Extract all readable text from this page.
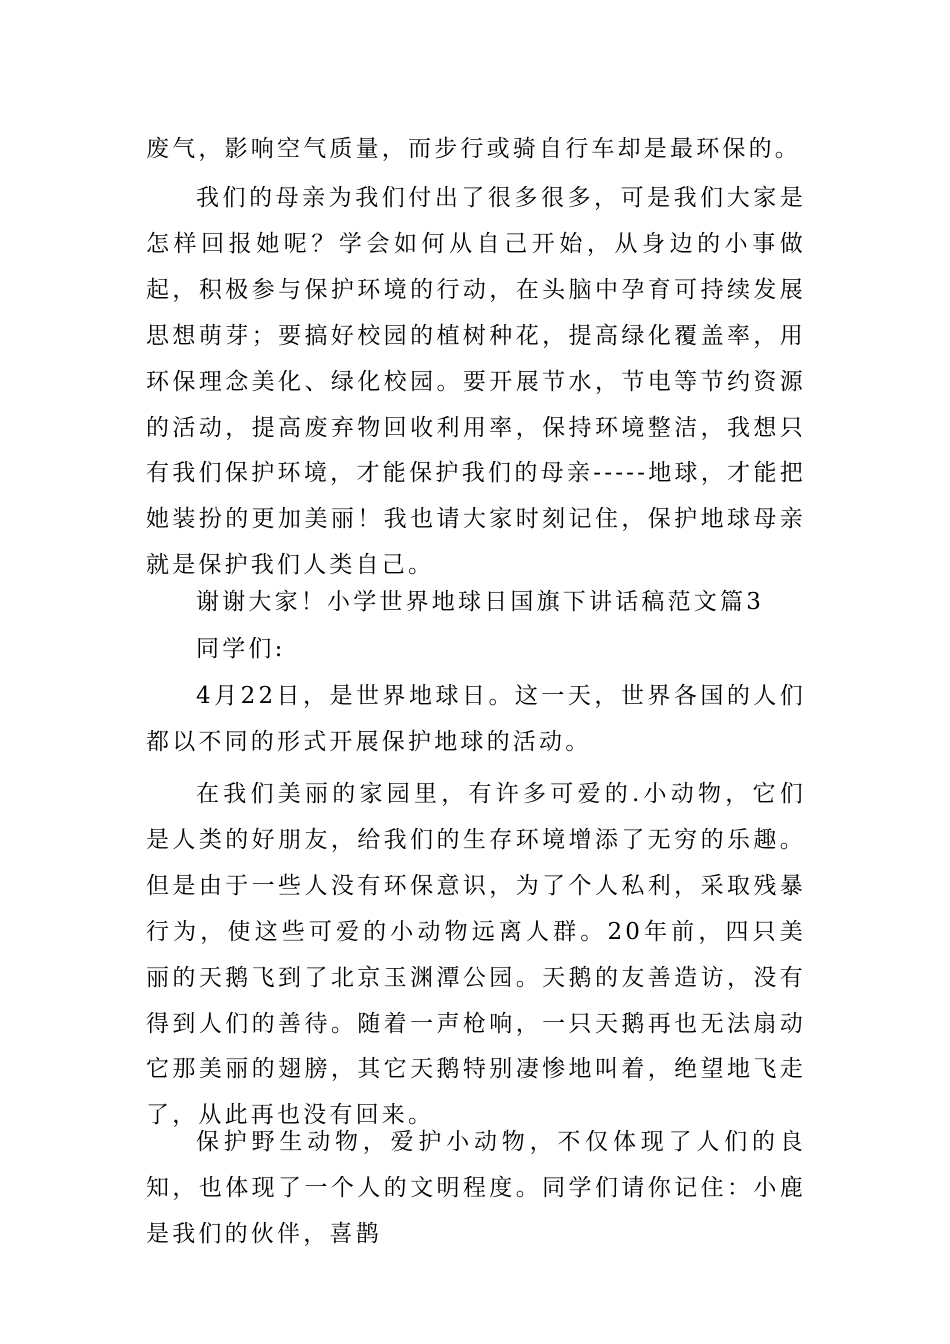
废气，影响空气质量，而步行或骑自行车却是最环保的。

我们的母亲为我们付出了很多很多，可是我们大家是怎样回报她呢？学会如何从自己开始，从身边的小事做起，积极参与保护环境的行动，在头脑中孕育可持续发展思想萌芽；要搞好校园的植树种花，提高绿化覆盖率，用环保理念美化、绿化校园。要开展节水，节电等节约资源的活动，提高废弃物回收利用率，保持环境整洁，我想只有我们保护环境，才能保护我们的母亲-----地球，才能把她装扮的更加美丽！我也请大家时刻记住，保护地球母亲就是保护我们人类自己。

谢谢大家！小学世界地球日国旗下讲话稿范文篇3

同学们:

4月22日，是世界地球日。这一天，世界各国的人们都以不同的形式开展保护地球的活动。

在我们美丽的家园里，有许多可爱的.小动物，它们是人类的好朋友，给我们的生存环境增添了无穷的乐趣。但是由于一些人没有环保意识，为了个人私利，采取残暴行为，使这些可爱的小动物远离人群。20年前，四只美丽的天鹅飞到了北京玉渊潭公园。天鹅的友善造访，没有得到人们的善待。随着一声枪响，一只天鹅再也无法扇动它那美丽的翅膀，其它天鹅特别凄惨地叫着，绝望地飞走了，从此再也没有回来。

保护野生动物，爱护小动物，不仅体现了人们的良知，也体现了一个人的文明程度。同学们请你记住：小鹿是我们的伙伴，喜鹊
